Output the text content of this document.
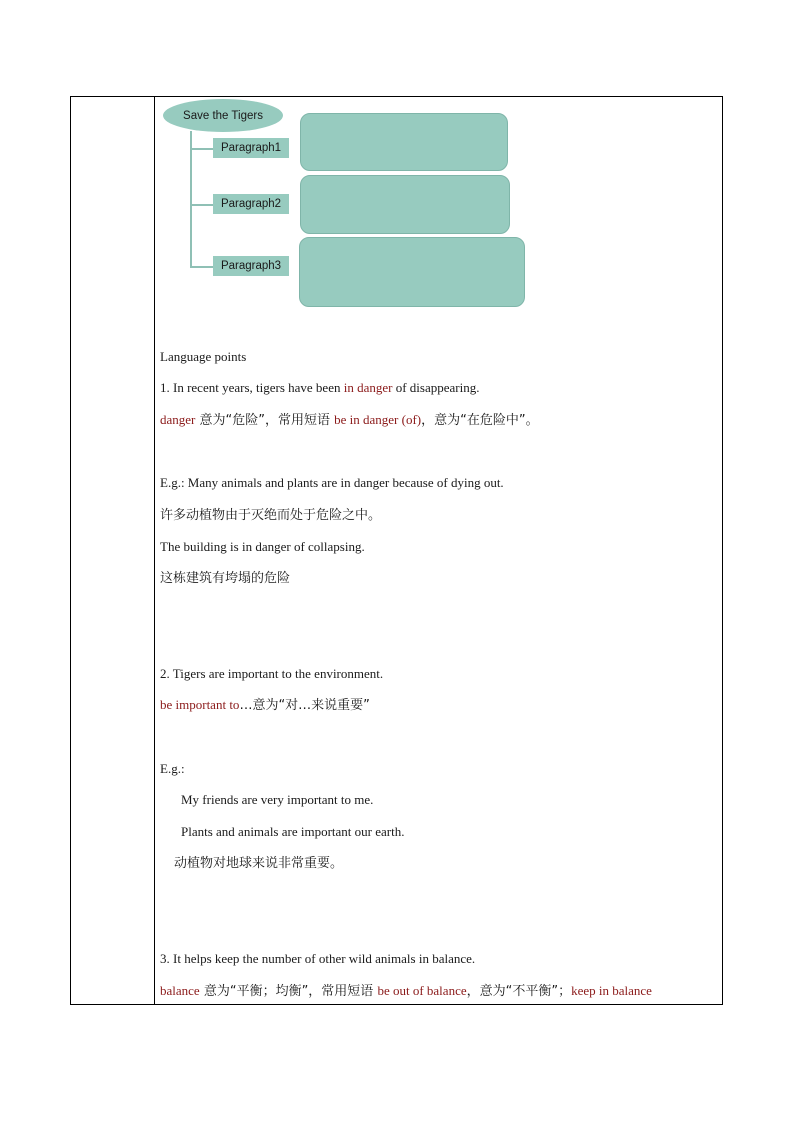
Save the Tigers
Paragraph1
Paragraph2
Paragraph3
Language points
1. In recent years, tigers have been in danger of disappearing.
danger 意为“危险”，常用短语 be in danger (of)，意为“在危险中”。
E.g.: Many animals and plants are in danger because of dying out.
许多动植物由于灭绝而处于危险之中。
The building is in danger of collapsing.
这栋建筑有垮塌的危险
2. Tigers are important to the environment.
be important to…意为“对…来说重要”
E.g.:
My friends are very important to me.
Plants and animals are important our earth.
动植物对地球来说非常重要。
3. It helps keep the number of other wild animals in balance.
balance 意为“平衡；均衡”，常用短语 be out of balance，意为“不平衡”；keep in balance
